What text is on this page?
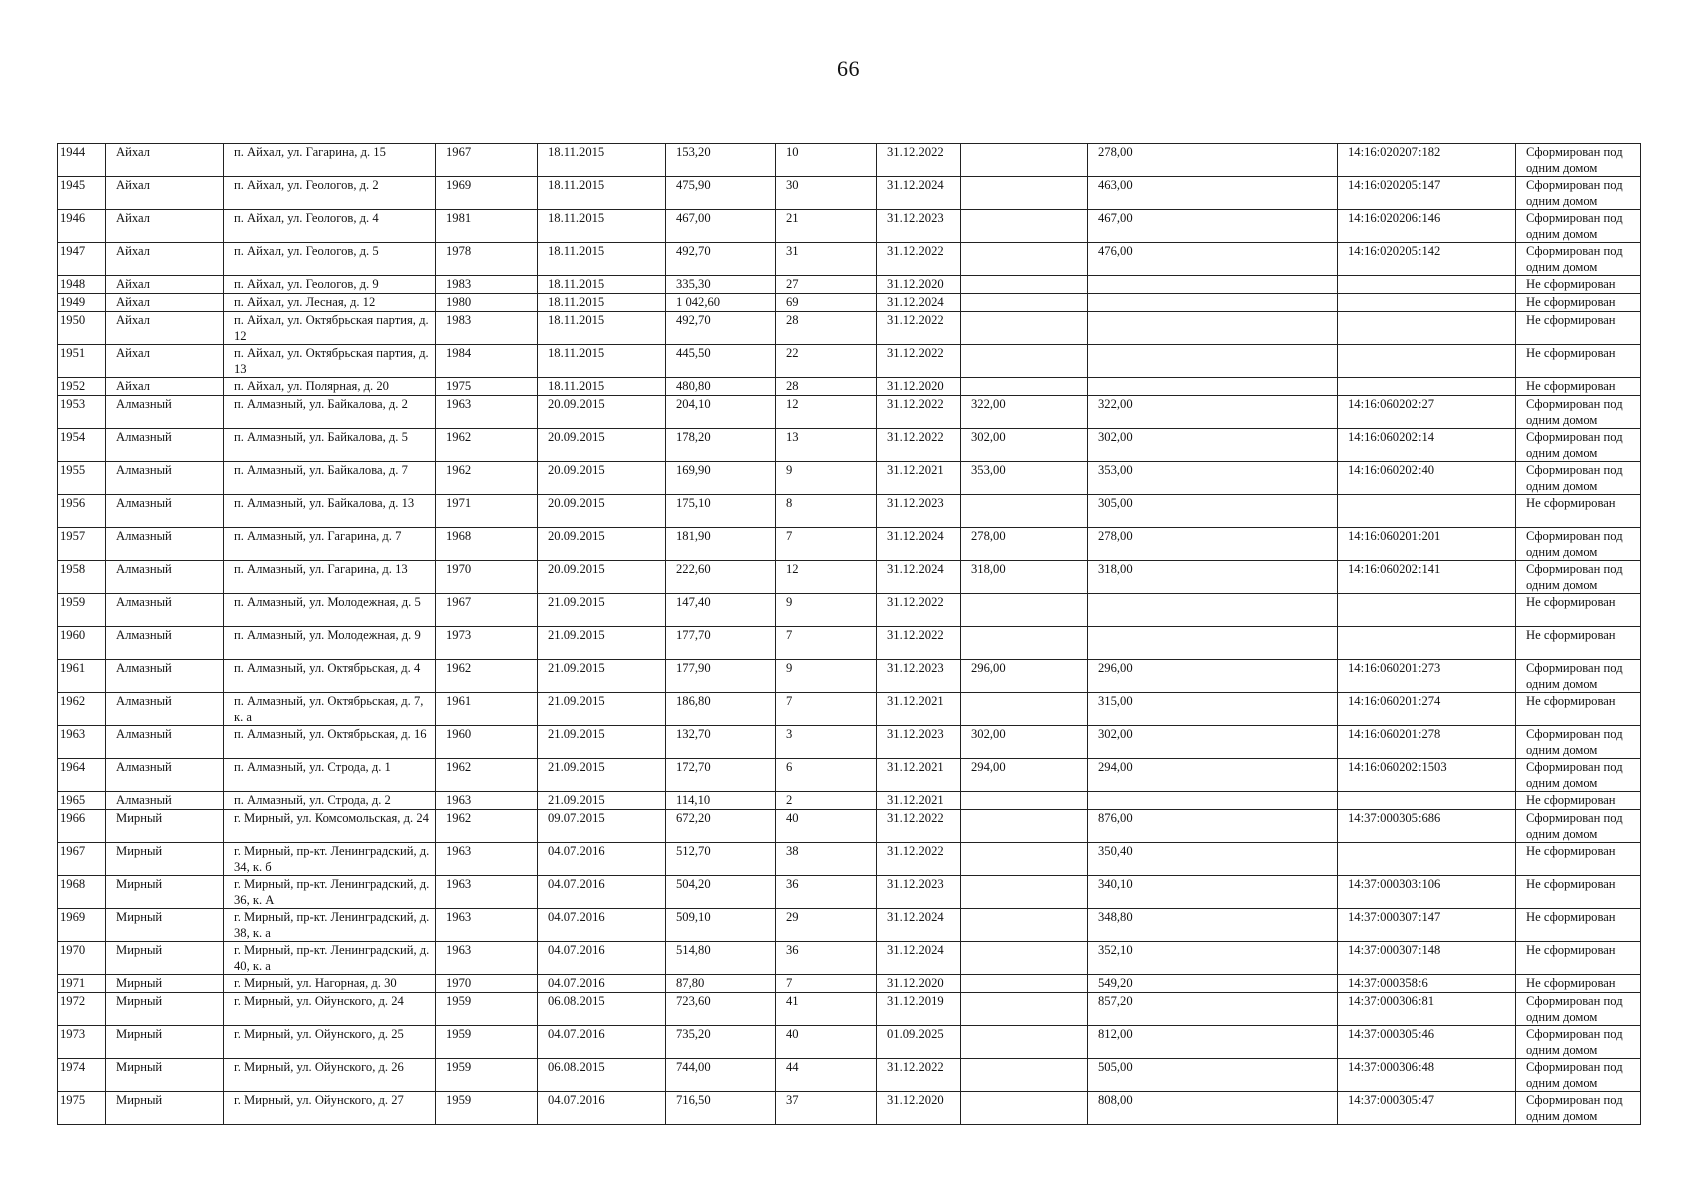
66
1944	Айхал	п. Айхал, ул. Гагарина, д. 15	1967	18.11.2015	153,20	10	31.12.2022		278,00	14:16:020207:182	Сформирован под одним домом
1945	Айхал	п. Айхал, ул. Геологов, д. 2	1969	18.11.2015	475,90	30	31.12.2024		463,00	14:16:020205:147	Сформирован под одним домом
1946	Айхал	п. Айхал, ул. Геологов, д. 4	1981	18.11.2015	467,00	21	31.12.2023		467,00	14:16:020206:146	Сформирован под одним домом
1947	Айхал	п. Айхал, ул. Геологов, д. 5	1978	18.11.2015	492,70	31	31.12.2022		476,00	14:16:020205:142	Сформирован под одним домом
1948	Айхал	п. Айхал, ул. Геологов, д. 9	1983	18.11.2015	335,30	27	31.12.2020				Не сформирован
1949	Айхал	п. Айхал, ул. Лесная, д. 12	1980	18.11.2015	1 042,60	69	31.12.2024				Не сформирован
1950	Айхал	п. Айхал, ул. Октябрьская партия, д. 12	1983	18.11.2015	492,70	28	31.12.2022				Не сформирован
1951	Айхал	п. Айхал, ул. Октябрьская партия, д. 13	1984	18.11.2015	445,50	22	31.12.2022				Не сформирован
1952	Айхал	п. Айхал, ул. Полярная, д. 20	1975	18.11.2015	480,80	28	31.12.2020				Не сформирован
1953	Алмазный	п. Алмазный, ул. Байкалова, д. 2	1963	20.09.2015	204,10	12	31.12.2022	322,00	322,00	14:16:060202:27	Сформирован под одним домом
1954	Алмазный	п. Алмазный, ул. Байкалова, д. 5	1962	20.09.2015	178,20	13	31.12.2022	302,00	302,00	14:16:060202:14	Сформирован под одним домом
1955	Алмазный	п. Алмазный, ул. Байкалова, д. 7	1962	20.09.2015	169,90	9	31.12.2021	353,00	353,00	14:16:060202:40	Сформирован под одним домом
1956	Алмазный	п. Алмазный, ул. Байкалова, д. 13	1971	20.09.2015	175,10	8	31.12.2023		305,00		Не сформирован
1957	Алмазный	п. Алмазный, ул. Гагарина, д. 7	1968	20.09.2015	181,90	7	31.12.2024	278,00	278,00	14:16:060201:201	Сформирован под одним домом
1958	Алмазный	п. Алмазный, ул. Гагарина, д. 13	1970	20.09.2015	222,60	12	31.12.2024	318,00	318,00	14:16:060202:141	Сформирован под одним домом
1959	Алмазный	п. Алмазный, ул. Молодежная, д. 5	1967	21.09.2015	147,40	9	31.12.2022				Не сформирован
1960	Алмазный	п. Алмазный, ул. Молодежная, д. 9	1973	21.09.2015	177,70	7	31.12.2022				Не сформирован
1961	Алмазный	п. Алмазный, ул. Октябрьская, д. 4	1962	21.09.2015	177,90	9	31.12.2023	296,00	296,00	14:16:060201:273	Сформирован под одним домом
1962	Алмазный	п. Алмазный, ул. Октябрьская, д. 7, к. а	1961	21.09.2015	186,80	7	31.12.2021		315,00	14:16:060201:274	Не сформирован
1963	Алмазный	п. Алмазный, ул. Октябрьская, д. 16	1960	21.09.2015	132,70	3	31.12.2023	302,00	302,00	14:16:060201:278	Сформирован под одним домом
1964	Алмазный	п. Алмазный, ул. Строда, д. 1	1962	21.09.2015	172,70	6	31.12.2021	294,00	294,00	14:16:060202:1503	Сформирован под одним домом
1965	Алмазный	п. Алмазный, ул. Строда, д. 2	1963	21.09.2015	114,10	2	31.12.2021				Не сформирован
1966	Мирный	г. Мирный, ул. Комсомольская, д. 24	1962	09.07.2015	672,20	40	31.12.2022		876,00	14:37:000305:686	Сформирован под одним домом
1967	Мирный	г. Мирный, пр-кт. Ленинградский, д. 34, к. б	1963	04.07.2016	512,70	38	31.12.2022		350,40		Не сформирован
1968	Мирный	г. Мирный, пр-кт. Ленинградский, д. 36, к. А	1963	04.07.2016	504,20	36	31.12.2023		340,10	14:37:000303:106	Не сформирован
1969	Мирный	г. Мирный, пр-кт. Ленинградский, д. 38, к. а	1963	04.07.2016	509,10	29	31.12.2024		348,80	14:37:000307:147	Не сформирован
1970	Мирный	г. Мирный, пр-кт. Ленинградский, д. 40, к. а	1963	04.07.2016	514,80	36	31.12.2024		352,10	14:37:000307:148	Не сформирован
1971	Мирный	г. Мирный, ул. Нагорная, д. 30	1970	04.07.2016	87,80	7	31.12.2020		549,20	14:37:000358:6	Не сформирован
1972	Мирный	г. Мирный, ул. Ойунского, д. 24	1959	06.08.2015	723,60	41	31.12.2019		857,20	14:37:000306:81	Сформирован под одним домом
1973	Мирный	г. Мирный, ул. Ойунского, д. 25	1959	04.07.2016	735,20	40	01.09.2025		812,00	14:37:000305:46	Сформирован под одним домом
1974	Мирный	г. Мирный, ул. Ойунского, д. 26	1959	06.08.2015	744,00	44	31.12.2022		505,00	14:37:000306:48	Сформирован под одним домом
1975	Мирный	г. Мирный, ул. Ойунского, д. 27	1959	04.07.2016	716,50	37	31.12.2020		808,00	14:37:000305:47	Сформирован под одним домом
